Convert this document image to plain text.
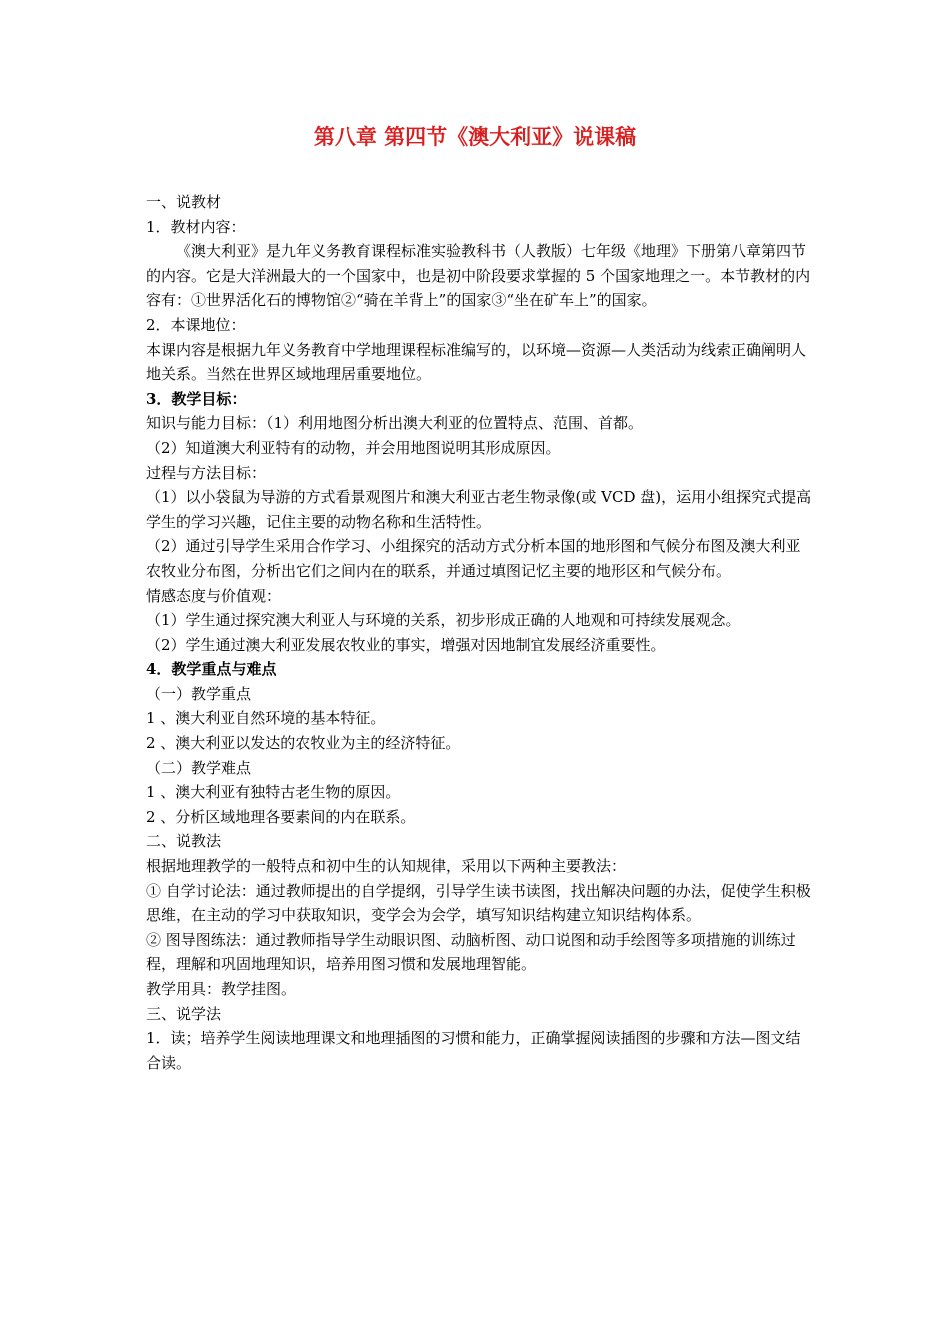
第八章 第四节《澳大利亚》说课稿

一、说教材

1．教材内容：

《澳大利亚》是九年义务教育课程标准实验教科书（人教版）七年级《地理》下册第八章第四节的内容。它是大洋洲最大的一个国家中，也是初中阶段要求掌握的 5 个国家地理之一。本节教材的内容有：①世界活化石的博物馆②“骑在羊背上”的国家③“坐在矿车上”的国家。

2．本课地位：

本课内容是根据九年义务教育中学地理课程标准编写的，以环境—资源—人类活动为线索正确阐明人地关系。当然在世界区域地理居重要地位。

3．教学目标：

知识与能力目标：（1）利用地图分析出澳大利亚的位置特点、范围、首都。

（2）知道澳大利亚特有的动物，并会用地图说明其形成原因。

过程与方法目标：

（1）以小袋鼠为导游的方式看景观图片和澳大利亚古老生物录像(或 VCD 盘)，运用小组探究式提高学生的学习兴趣，记住主要的动物名称和生活特性。

（2）通过引导学生采用合作学习、小组探究的活动方式分析本国的地形图和气候分布图及澳大利亚农牧业分布图，分析出它们之间内在的联系，并通过填图记忆主要的地形区和气候分布。

情感态度与价值观：

（1）学生通过探究澳大利亚人与环境的关系，初步形成正确的人地观和可持续发展观念。

（2）学生通过澳大利亚发展农牧业的事实，增强对因地制宜发展经济重要性。

4．教学重点与难点

（一）教学重点

1 、澳大利亚自然环境的基本特征。

2 、澳大利亚以发达的农牧业为主的经济特征。

（二）教学难点

1 、澳大利亚有独特古老生物的原因。

2 、分析区域地理各要素间的内在联系。

二、说教法

根据地理教学的一般特点和初中生的认知规律，采用以下两种主要教法：

① 自学讨论法：通过教师提出的自学提纲，引导学生读书读图，找出解决问题的办法，促使学生积极思维，在主动的学习中获取知识，变学会为会学，填写知识结构建立知识结构体系。

② 图导图练法：通过教师指导学生动眼识图、动脑析图、动口说图和动手绘图等多项措施的训练过程，理解和巩固地理知识，培养用图习惯和发展地理智能。

教学用具：教学挂图。

三、说学法

1．读；培养学生阅读地理课文和地理插图的习惯和能力，正确掌握阅读插图的步骤和方法—图文结合读。
